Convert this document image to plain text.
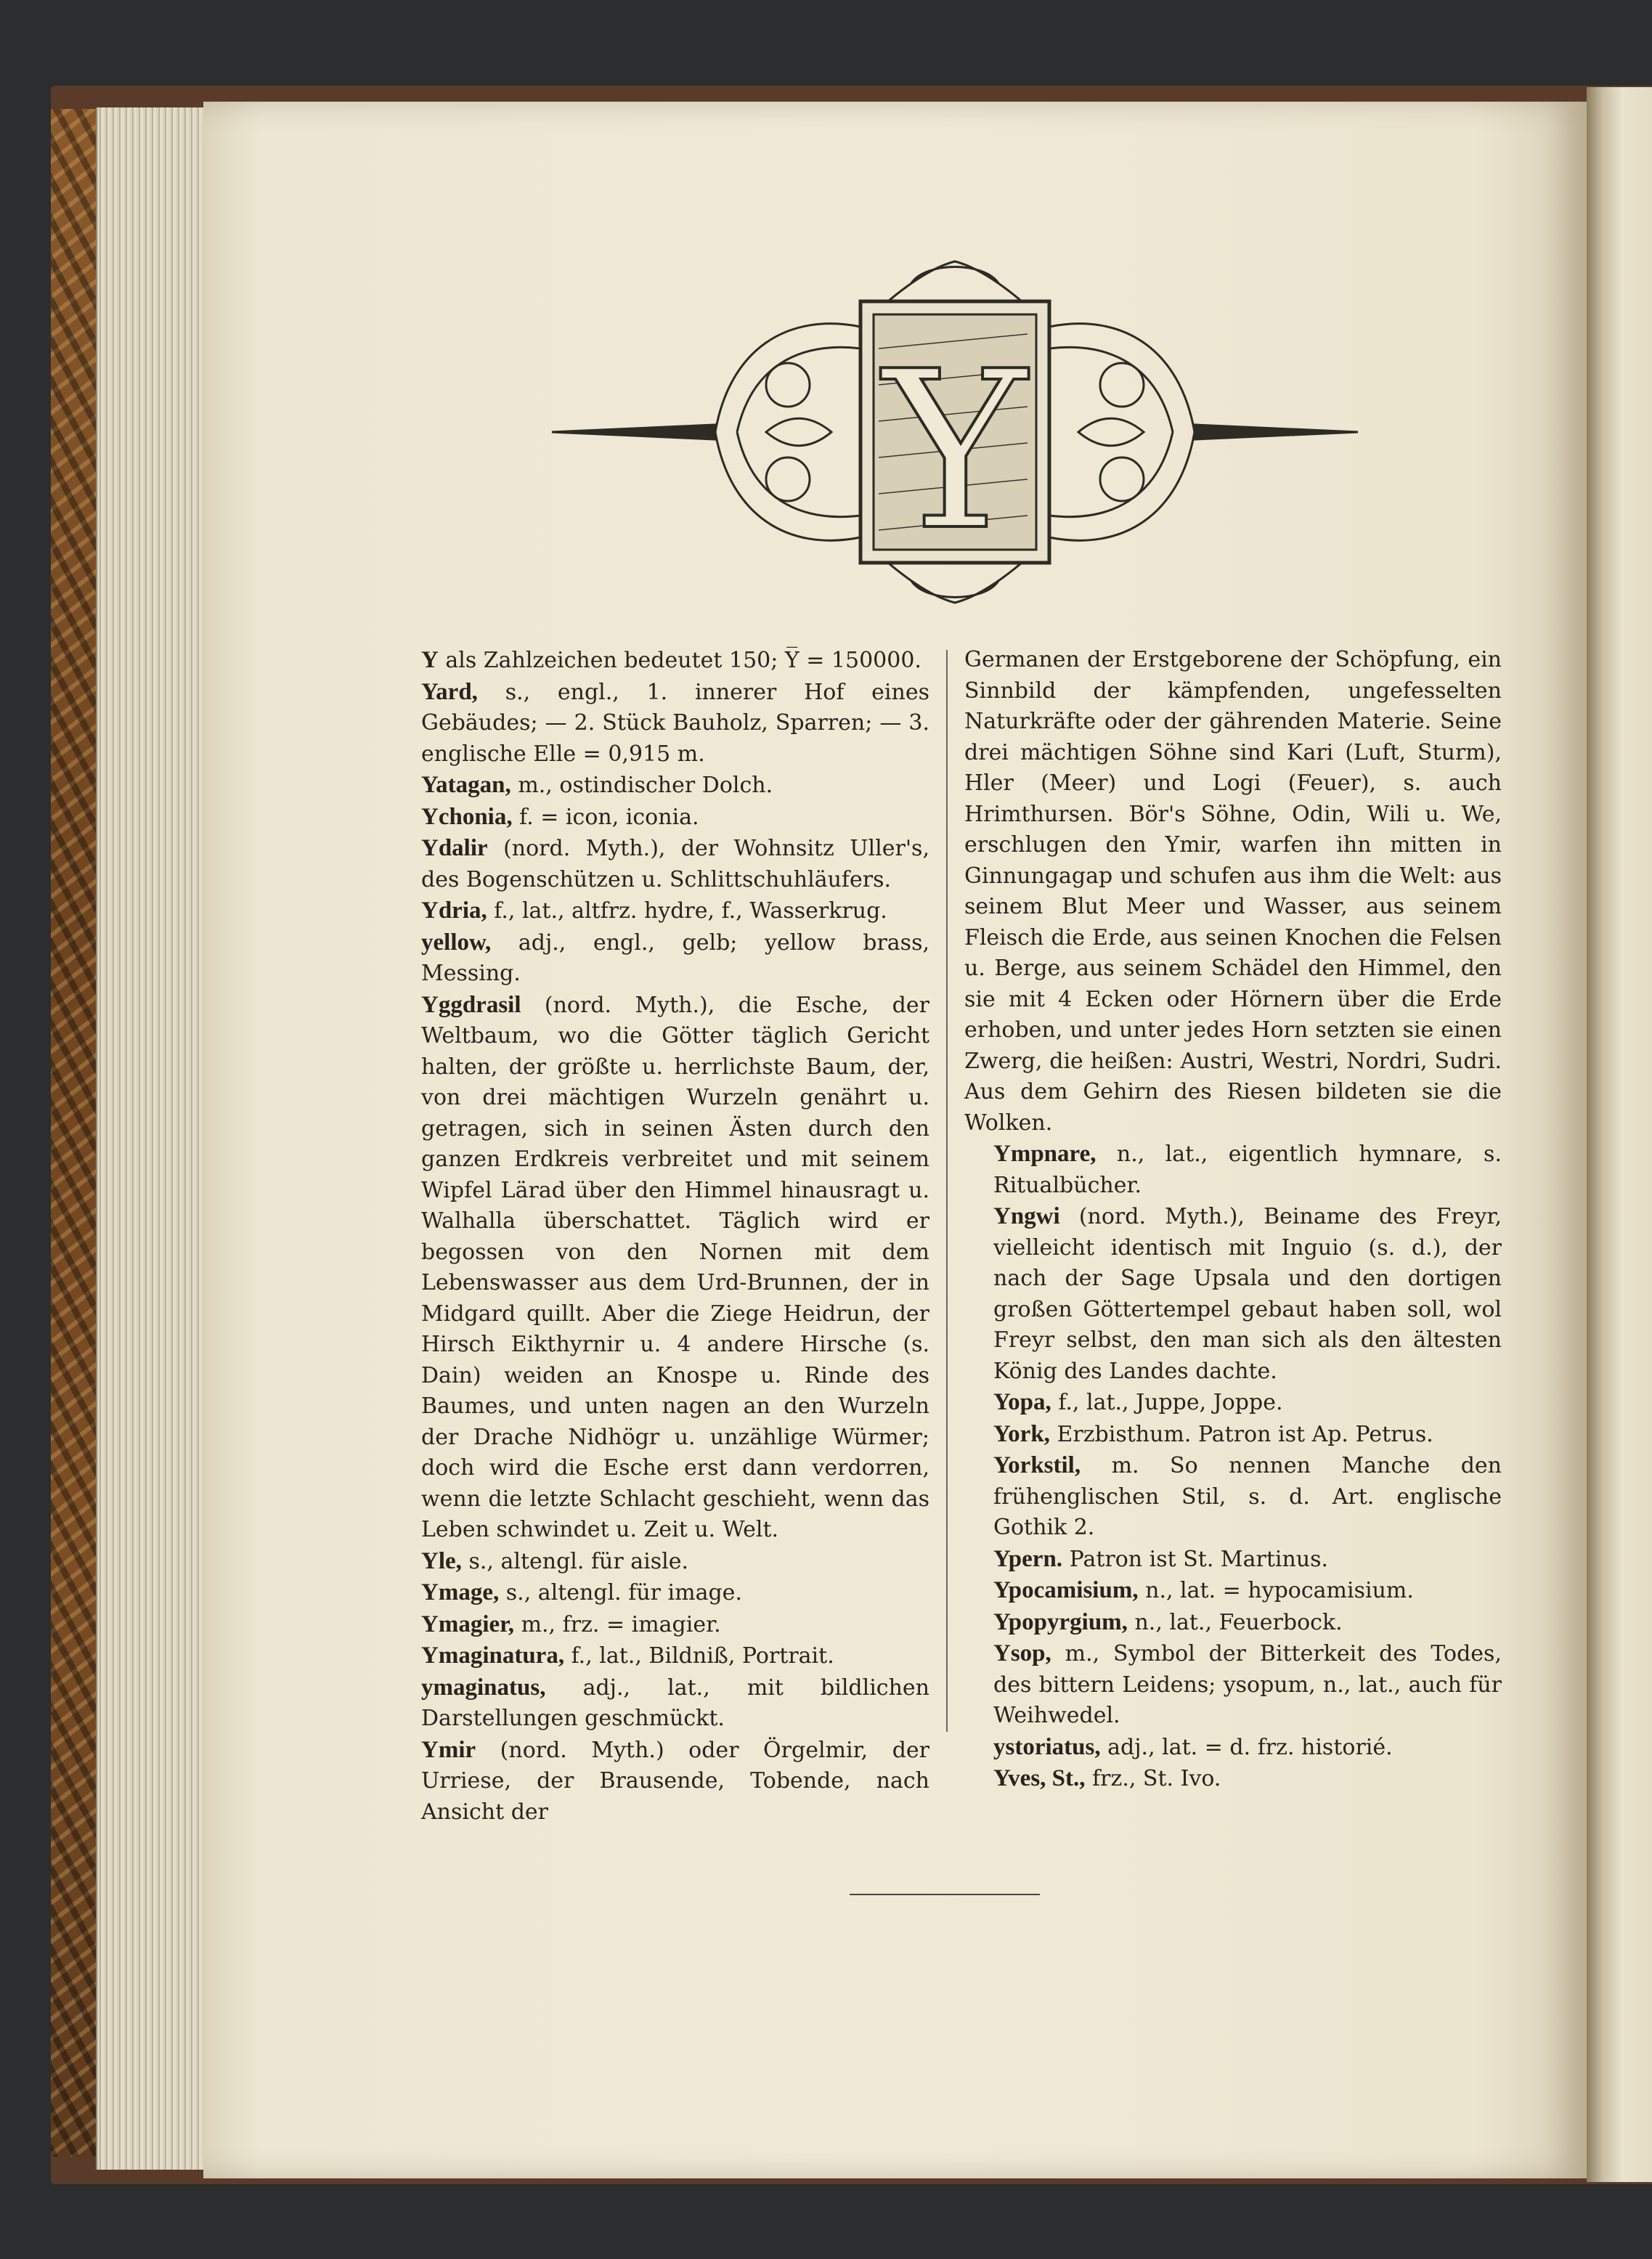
Y

Y als Zahlzeichen bedeutet 150; Y̅ = 150000.

Yard, s., engl., 1. innerer Hof eines Gebäudes; — 2. Stück Bauholz, Sparren; — 3. englische Elle = 0,915 m.

Yatagan, m., ostindischer Dolch.

Ychonia, f. = icon, iconia.

Ydalir (nord. Myth.), der Wohnsitz Uller's, des Bogenschützen u. Schlittschuhläufers.

Ydria, f., lat., altfrz. hydre, f., Wasserkrug.

yellow, adj., engl., gelb; yellow brass, Messing.

Yggdrasil (nord. Myth.), die Esche, der Weltbaum, wo die Götter täglich Gericht halten, der größte u. herrlichste Baum, der, von drei mächtigen Wurzeln genährt u. getragen, sich in seinen Ästen durch den ganzen Erdkreis verbreitet und mit seinem Wipfel Lärad über den Himmel hinausragt u. Walhalla überschattet. Täglich wird er begossen von den Nornen mit dem Lebenswasser aus dem Urd-Brunnen, der in Midgard quillt. Aber die Ziege Heidrun, der Hirsch Eikthyrnir u. 4 andere Hirsche (s. Dain) weiden an Knospe u. Rinde des Baumes, und unten nagen an den Wurzeln der Drache Nidhögr u. unzählige Würmer; doch wird die Esche erst dann verdorren, wenn die letzte Schlacht geschieht, wenn das Leben schwindet u. Zeit u. Welt.

Yle, s., altengl. für aisle.

Ymage, s., altengl. für image.

Ymagier, m., frz. = imagier.

Ymaginatura, f., lat., Bildniß, Portrait.

ymaginatus, adj., lat., mit bildlichen Darstellungen geschmückt.

Ymir (nord. Myth.) oder Örgelmir, der Urriese, der Brausende, Tobende, nach Ansicht der

Germanen der Erstgeborene der Schöpfung, ein Sinnbild der kämpfenden, ungefesselten Naturkräfte oder der gährenden Materie. Seine drei mächtigen Söhne sind Kari (Luft, Sturm), Hler (Meer) und Logi (Feuer), s. auch Hrimthursen. Bör's Söhne, Odin, Wili u. We, erschlugen den Ymir, warfen ihn mitten in Ginnungagap und schufen aus ihm die Welt: aus seinem Blut Meer und Wasser, aus seinem Fleisch die Erde, aus seinen Knochen die Felsen u. Berge, aus seinem Schädel den Himmel, den sie mit 4 Ecken oder Hörnern über die Erde erhoben, und unter jedes Horn setzten sie einen Zwerg, die heißen: Austri, Westri, Nordri, Sudri. Aus dem Gehirn des Riesen bildeten sie die Wolken.

Ympnare, n., lat., eigentlich hymnare, s. Ritualbücher.

Yngwi (nord. Myth.), Beiname des Freyr, vielleicht identisch mit Inguio (s. d.), der nach der Sage Upsala und den dortigen großen Göttertempel gebaut haben soll, wol Freyr selbst, den man sich als den ältesten König des Landes dachte.

Yopa, f., lat., Juppe, Joppe.

York, Erzbisthum. Patron ist Ap. Petrus.

Yorkstil, m. So nennen Manche den frühenglischen Stil, s. d. Art. englische Gothik 2.

Ypern. Patron ist St. Martinus.

Ypocamisium, n., lat. = hypocamisium.

Ypopyrgium, n., lat., Feuerbock.

Ysop, m., Symbol der Bitterkeit des Todes, des bittern Leidens; ysopum, n., lat., auch für Weihwedel.

ystoriatus, adj., lat. = d. frz. historié.

Yves, St., frz., St. Ivo.
